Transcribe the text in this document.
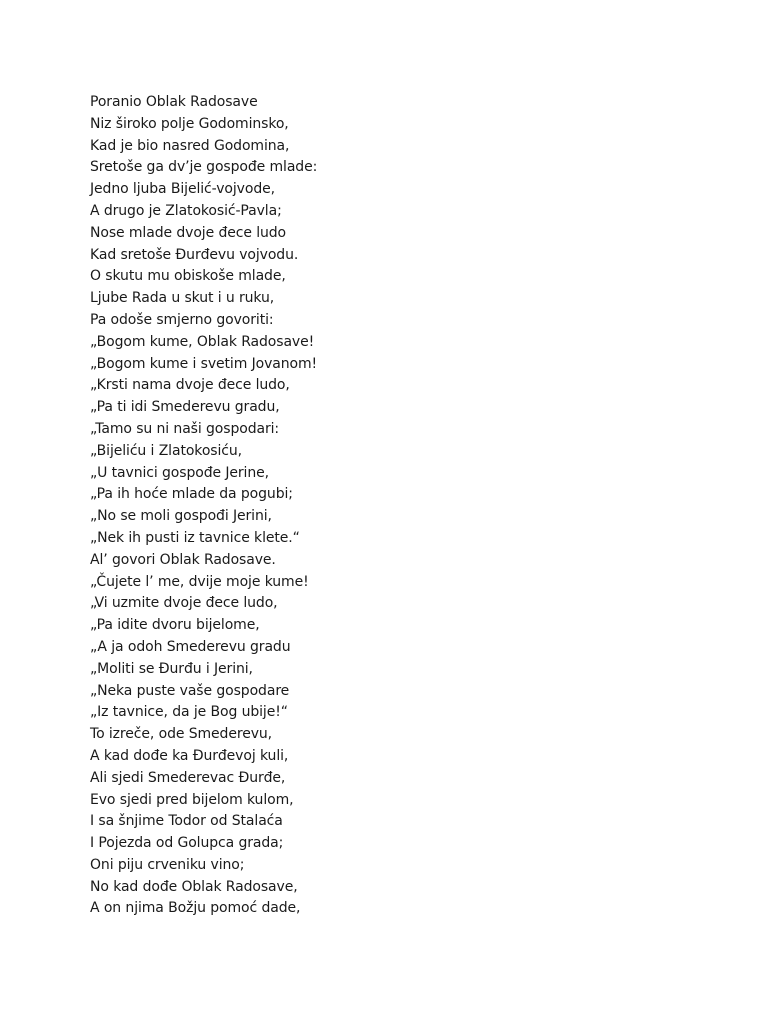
Poranio Oblak Radosave
Niz široko polje Godominsko,
Kad je bio nasred Godomina,
Sretoše ga dv’je gospođe mlade:
Jedno ljuba Bijelić-vojvode,
A drugo je Zlatokosić-Pavla;
Nose mlade dvoje đece ludo
Kad sretoše Đurđevu vojvodu.
O skutu mu obiskoše mlade,
Ljube Rada u skut i u ruku,
Pa odoše smjerno govoriti:
„Bogom kume, Oblak Radosave!
„Bogom kume i svetim Jovanom!
„Krsti nama dvoje đece ludo,
„Pa ti idi Smederevu gradu,
„Tamo su ni naši gospodari:
„Bijeliću i Zlatokosiću,
„U tavnici gospođe Jerine,
„Pa ih hoće mlade da pogubi;
„No se moli gospođi Jerini,
„Nek ih pusti iz tavnice klete.“
Al’ govori Oblak Radosave.
„Čujete l’ me, dvije moje kume!
„Vi uzmite dvoje đece ludo,
„Pa idite dvoru bijelome,
„A ja odoh Smederevu gradu
„Moliti se Đurđu i Jerini,
„Neka puste vaše gospodare
„Iz tavnice, da je Bog ubije!“
To izreče, ode Smederevu,
A kad dođe ka Đurđevoj kuli,
Ali sjedi Smederevac Đurđe,
Evo sjedi pred bijelom kulom,
I sa šnjime Todor od Stalaća
I Pojezda od Golupca grada;
Oni piju crveniku vino;
No kad dođe Oblak Radosave,
A on njima Božju pomoć dade,
